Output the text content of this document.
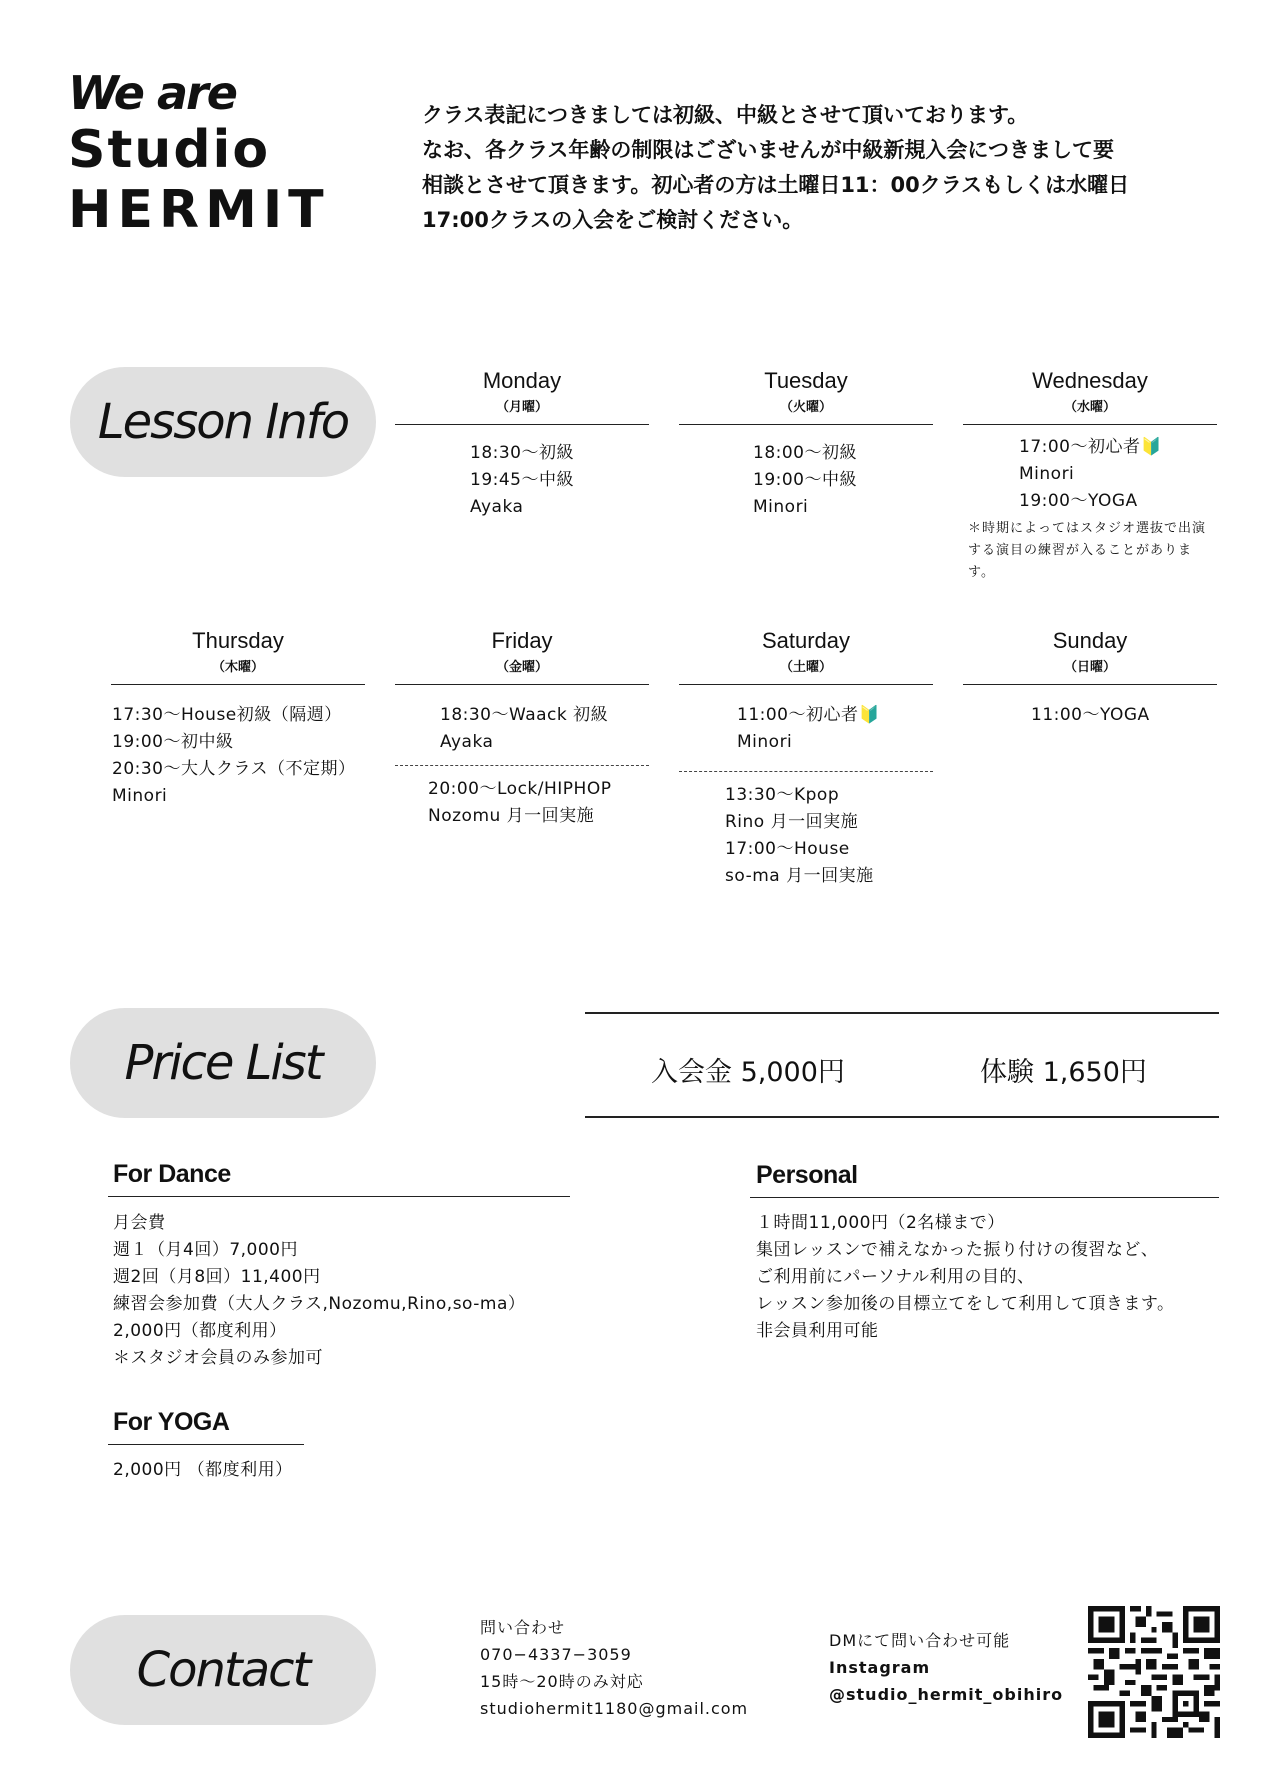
We are
Studio
HERMIT
クラス表記につきましては初級、中級とさせて頂いております。
なお、各クラス年齢の制限はございませんが中級新規入会につきまして要
相談とさせて頂きます。初心者の方は土曜日11：00クラスもしくは水曜日
17:00クラスの入会をご検討ください。
Lesson Info
Monday
（月曜）
18:30〜初級
19:45〜中級
Ayaka
Tuesday
（火曜）
18:00〜初級
19:00〜中級
Minori
Wednesday
（水曜）
17:00〜初心者🔰
Minori
19:00〜YOGA
＊時期によってはスタジオ選抜で出演する演目の練習が入ることがあります。
Thursday
（木曜）
17:30〜House初級（隔週）
19:00〜初中級
20:30〜大人クラス（不定期）
Minori
Friday
（金曜）
18:30〜Waack 初級
Ayaka
20:00〜Lock/HIPHOP
Nozomu 月一回実施
Saturday
（土曜）
11:00〜初心者🔰
Minori
13:30〜Kpop
Rino 月一回実施
17:00〜House
so-ma 月一回実施
Sunday
（日曜）
11:00〜YOGA
Price List	入会金 5,000円	体験 1,650円
For Dance
月会費
週１（月4回）7,000円
週2回（月8回）11,400円
練習会参加費（大人クラス,Nozomu,Rino,so-ma）
2,000円（都度利用）
＊スタジオ会員のみ参加可
For YOGA
2,000円 （都度利用）
Personal
１時間11,000円（2名様まで）
集団レッスンで補えなかった振り付けの復習など、
ご利用前にパーソナル利用の目的、
レッスン参加後の目標立てをして利用して頂きます。
非会員利用可能
Contact
問い合わせ
070−4337−3059
15時〜20時のみ対応
studiohermit1180@gmail.com
DMにて問い合わせ可能
Instagram
@studio_hermit_obihiro
